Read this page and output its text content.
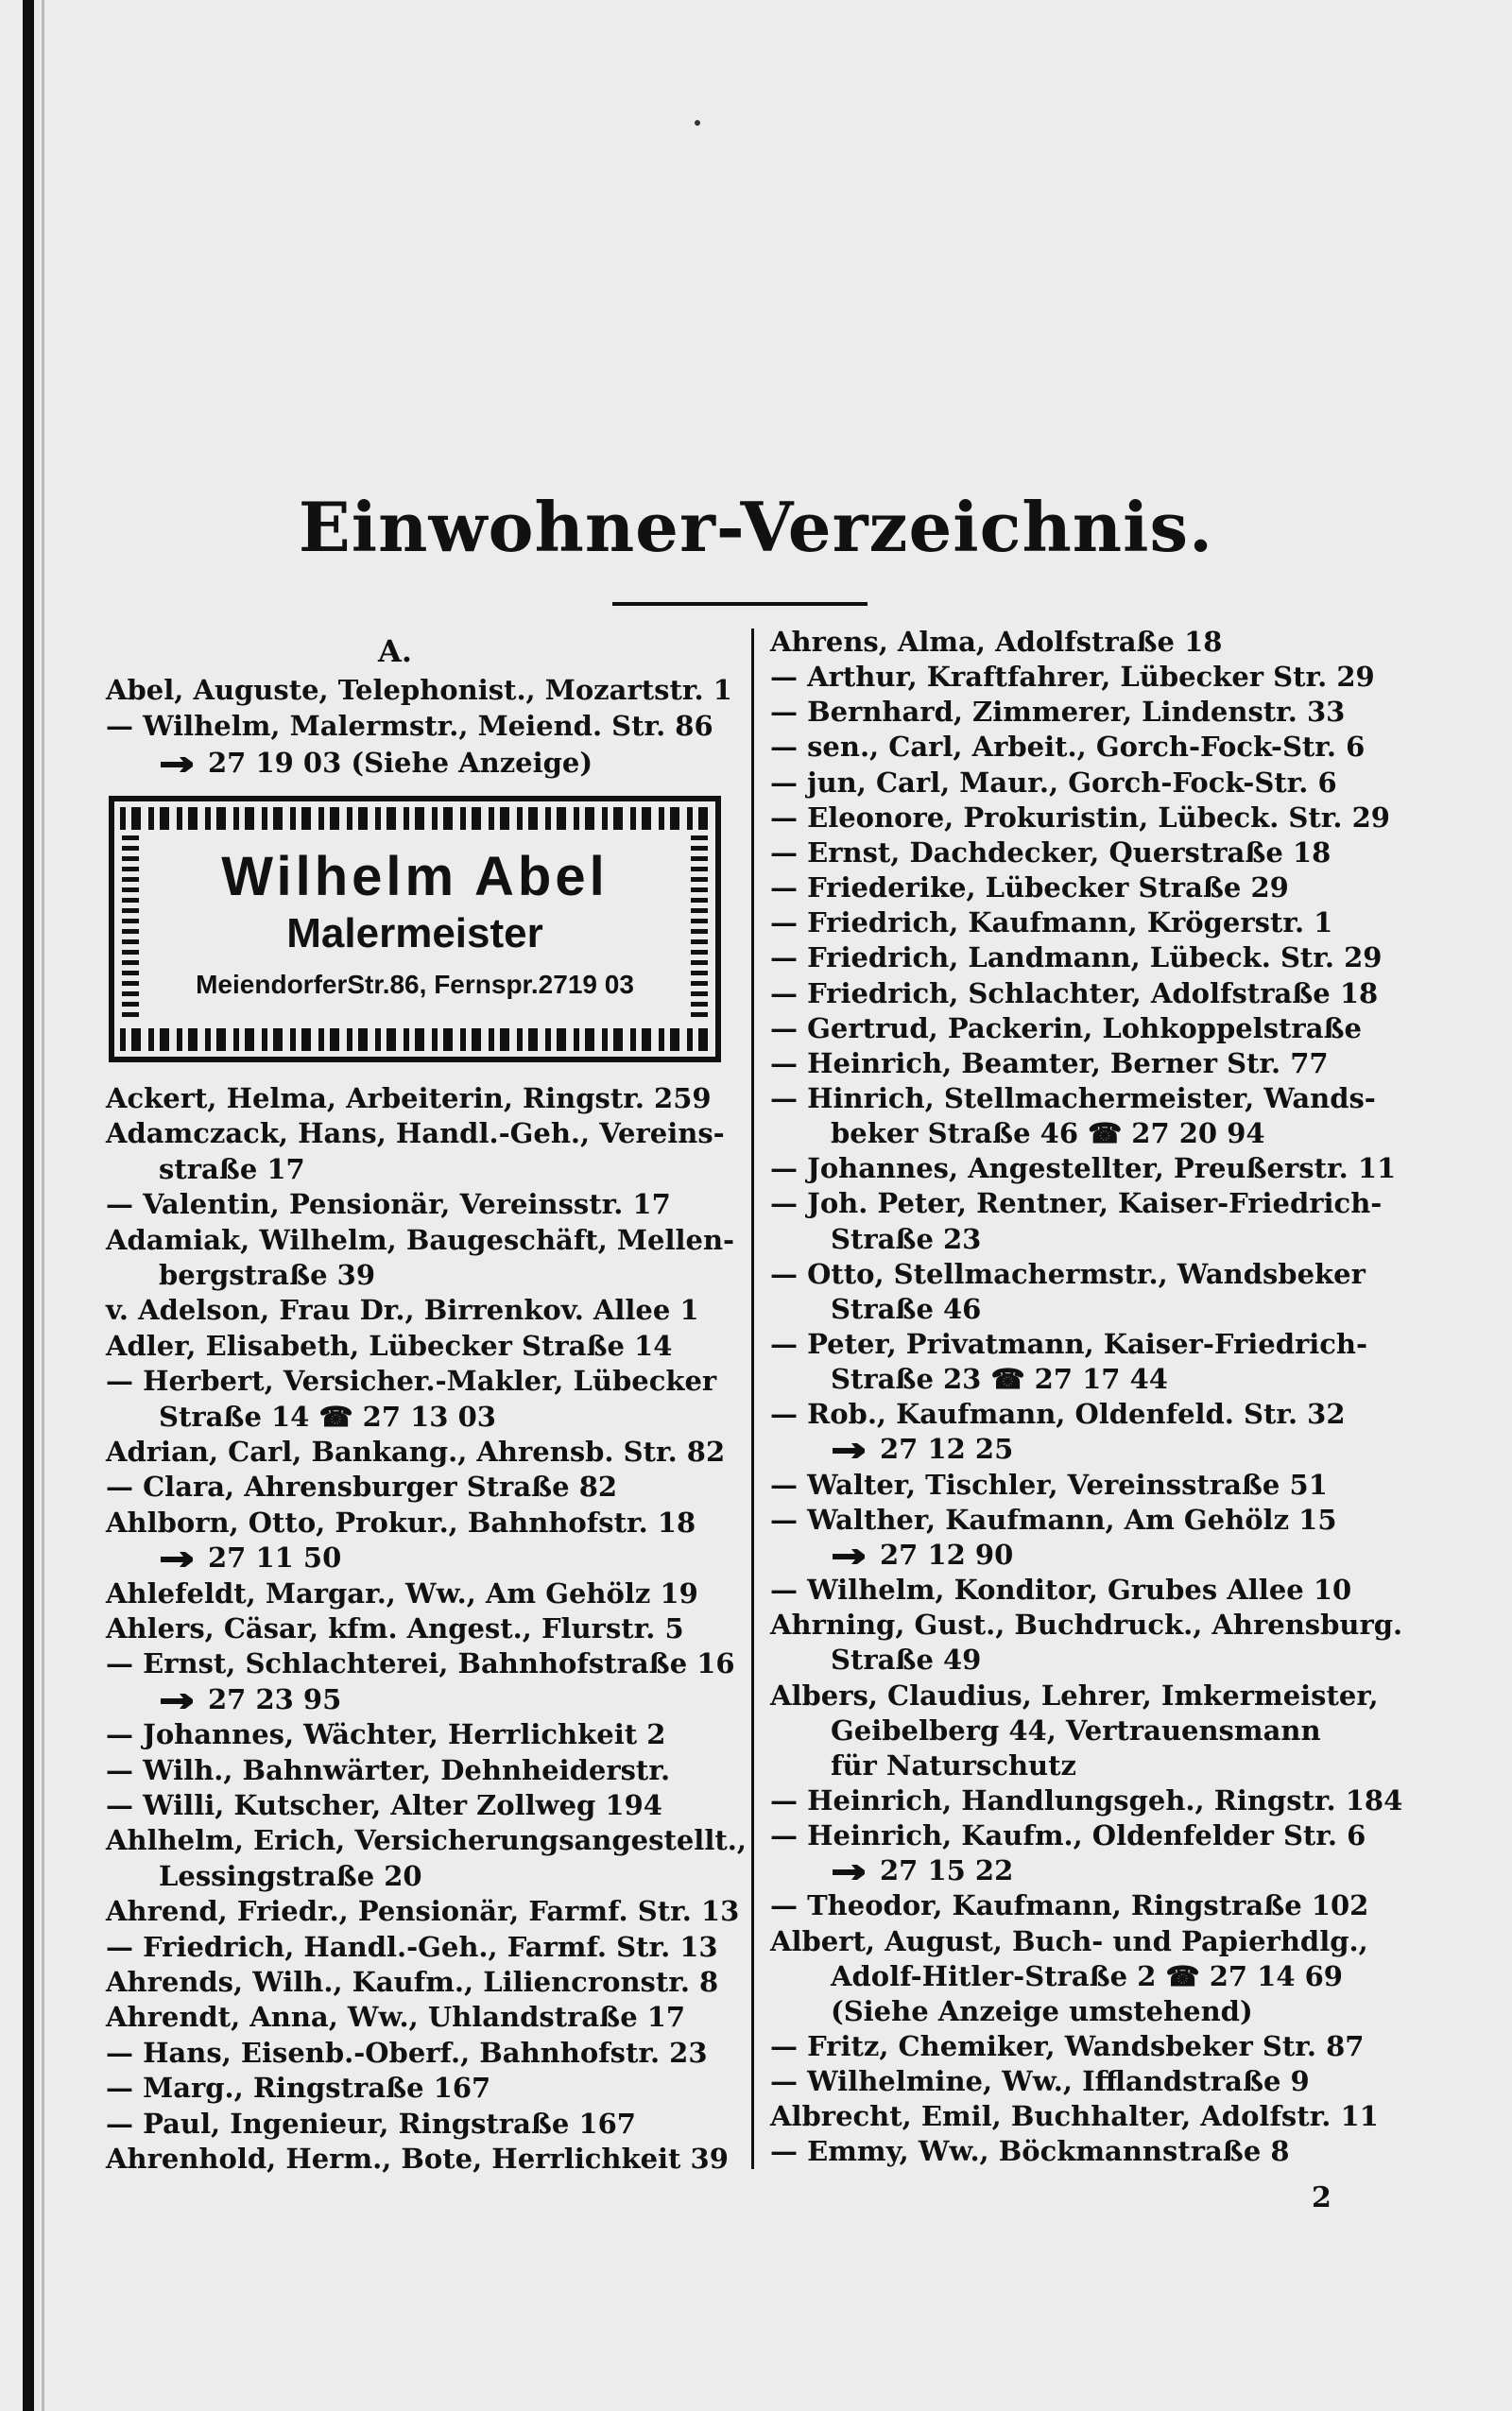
Einwohner-Verzeichnis.
A.
Abel, Auguste, Telephonist., Mozartstr. 1
— Wilhelm, Malermstr., Meiend. Str. 86
27 19 03 (Siehe Anzeige)
Ackert, Helma, Arbeiterin, Ringstr. 259
Adamczack, Hans, Handl.-Geh., Vereins-
straße 17
— Valentin, Pensionär, Vereinsstr. 17
Adamiak, Wilhelm, Baugeschäft, Mellen-
bergstraße 39
v. Adelson, Frau Dr., Birrenkov. Allee 1
Adler, Elisabeth, Lübecker Straße 14
— Herbert, Versicher.-Makler, Lübecker
Straße 14 ☎ 27 13 03
Adrian, Carl, Bankang., Ahrensb. Str. 82
— Clara, Ahrensburger Straße 82
Ahlborn, Otto, Prokur., Bahnhofstr. 18
27 11 50
Ahlefeldt, Margar., Ww., Am Gehölz 19
Ahlers, Cäsar, kfm. Angest., Flurstr. 5
— Ernst, Schlachterei, Bahnhofstraße 16
27 23 95
— Johannes, Wächter, Herrlichkeit 2
— Wilh., Bahnwärter, Dehnheiderstr.
— Willi, Kutscher, Alter Zollweg 194
Ahlhelm, Erich, Versicherungsangestellt.,
Lessingstraße 20
Ahrend, Friedr., Pensionär, Farmf. Str. 13
— Friedrich, Handl.-Geh., Farmf. Str. 13
Ahrends, Wilh., Kaufm., Liliencronstr. 8
Ahrendt, Anna, Ww., Uhlandstraße 17
— Hans, Eisenb.-Oberf., Bahnhofstr. 23
— Marg., Ringstraße 167
— Paul, Ingenieur, Ringstraße 167
Ahrenhold, Herm., Bote, Herrlichkeit 39
Ahrens, Alma, Adolfstraße 18
— Arthur, Kraftfahrer, Lübecker Str. 29
— Bernhard, Zimmerer, Lindenstr. 33
— sen., Carl, Arbeit., Gorch-Fock-Str. 6
— jun, Carl, Maur., Gorch-Fock-Str. 6
— Eleonore, Prokuristin, Lübeck. Str. 29
— Ernst, Dachdecker, Querstraße 18
— Friederike, Lübecker Straße 29
— Friedrich, Kaufmann, Krögerstr. 1
— Friedrich, Landmann, Lübeck. Str. 29
— Friedrich, Schlachter, Adolfstraße 18
— Gertrud, Packerin, Lohkoppelstraße
— Heinrich, Beamter, Berner Str. 77
— Hinrich, Stellmachermeister, Wands-
beker Straße 46 ☎ 27 20 94
— Johannes, Angestellter, Preußerstr. 11
— Joh. Peter, Rentner, Kaiser-Friedrich-
Straße 23
— Otto, Stellmachermstr., Wandsbeker
Straße 46
— Peter, Privatmann, Kaiser-Friedrich-
Straße 23 ☎ 27 17 44
— Rob., Kaufmann, Oldenfeld. Str. 32
27 12 25
— Walter, Tischler, Vereinsstraße 51
— Walther, Kaufmann, Am Gehölz 15
27 12 90
— Wilhelm, Konditor, Grubes Allee 10
Ahrning, Gust., Buchdruck., Ahrensburg.
Straße 49
Albers, Claudius, Lehrer, Imkermeister,
Geibelberg 44, Vertrauensmann
für Naturschutz
— Heinrich, Handlungsgeh., Ringstr. 184
— Heinrich, Kaufm., Oldenfelder Str. 6
27 15 22
— Theodor, Kaufmann, Ringstraße 102
Albert, August, Buch- und Papierhdlg.,
Adolf-Hitler-Straße 2 ☎ 27 14 69
(Siehe Anzeige umstehend)
— Fritz, Chemiker, Wandsbeker Str. 87
— Wilhelmine, Ww., Ifflandstraße 9
Albrecht, Emil, Buchhalter, Adolfstr. 11
— Emmy, Ww., Böckmannstraße 8
Wilhelm Abel
Malermeister
MeiendorferStr.86, Fernspr.2719 03
2
